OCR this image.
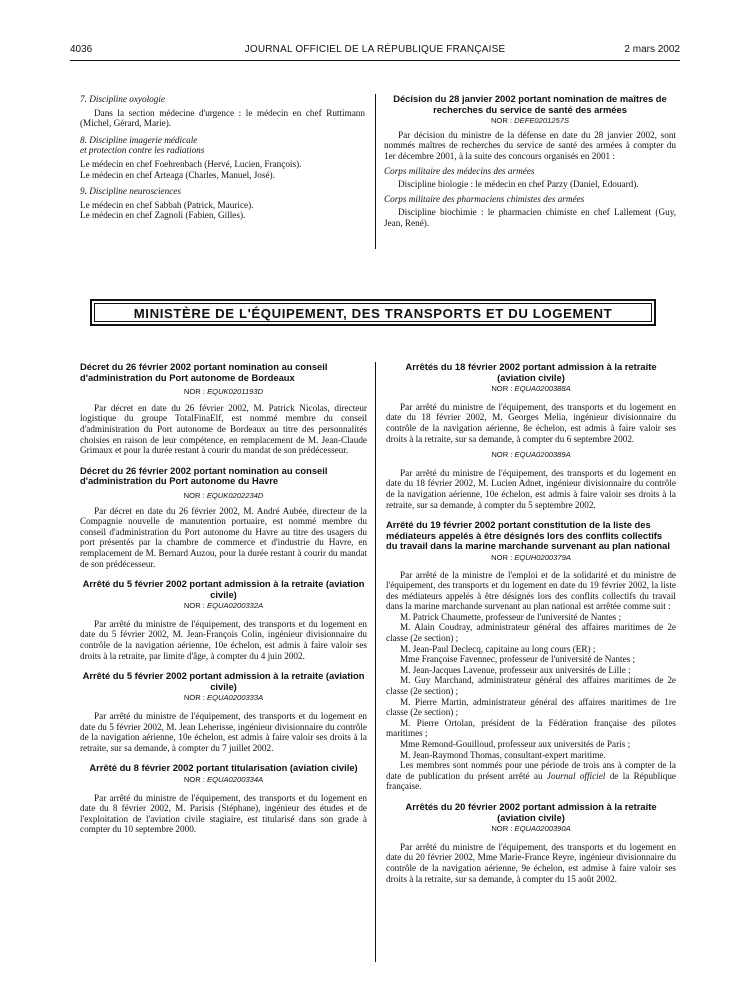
4036	JOURNAL OFFICIEL DE LA RÉPUBLIQUE FRANÇAISE	2 mars 2002

7. Discipline oxyologie

Dans la section médecine d'urgence : le médecin en chef Ruttimann (Michel, Gérard, Marie).

8. Discipline imagerie médicale

et protection contre les radiations

Le médecin en chef Foehrenbach (Hervé, Lucien, François).

Le médecin en chef Arteaga (Charles, Manuel, José).

9. Discipline neurosciences

Le médecin en chef Sabbah (Patrick, Maurice).

Le médecin en chef Zagnoli (Fabien, Gilles).

Décision du 28 janvier 2002 portant nomination de maîtres de recherches du service de santé des armées
NOR : DEFE0201257S

Par décision du ministre de la défense en date du 28 janvier 2002, sont nommés maîtres de recherches du service de santé des armées à compter du 1er décembre 2001, à la suite des concours organisés en 2001 :

Corps militaire des médecins des armées

Discipline biologie : le médecin en chef Parzy (Daniel, Edouard).

Corps militaire des pharmaciens chimistes des armées

Discipline biochimie : le pharmacien chimiste en chef Lallement (Guy, Jean, René).

MINISTÈRE DE L'ÉQUIPEMENT, DES TRANSPORTS ET DU LOGEMENT
Décret du 26 février 2002 portant nomination au conseil d'administration du Port autonome de Bordeaux
NOR : EQUK0201193D

Par décret en date du 26 février 2002, M. Patrick Nicolas, directeur logistique du groupe TotalFinaElf, est nommé membre du conseil d'administration du Port autonome de Bordeaux au titre des personnalités choisies en raison de leur compétence, en remplacement de M. Jean-Claude Grimaux et pour la durée restant à courir du mandat de son prédécesseur.

Décret du 26 février 2002 portant nomination au conseil d'administration du Port autonome du Havre
NOR : EQUK0202234D

Par décret en date du 26 février 2002, M. André Aubée, directeur de la Compagnie nouvelle de manutention portuaire, est nommé membre du conseil d'administration du Port autonome du Havre au titre des usagers du port présentés par la chambre de commerce et d'industrie du Havre, en remplacement de M. Bernard Auzou, pour la durée restant à courir du mandat de son prédécesseur.

Arrêté du 5 février 2002 portant admission à la retraite (aviation civile)
NOR : EQUA0200332A

Par arrêté du ministre de l'équipement, des transports et du logement en date du 5 février 2002, M. Jean-François Colin, ingénieur divisionnaire du contrôle de la navigation aérienne, 10e échelon, est admis à faire valoir ses droits à la retraite, par limite d'âge, à compter du 4 juin 2002.

Arrêté du 5 février 2002 portant admission à la retraite (aviation civile)
NOR : EQUA0200333A

Par arrêté du ministre de l'équipement, des transports et du logement en date du 5 février 2002, M. Jean Leherisse, ingénieur divisionnaire du contrôle de la navigation aérienne, 10e échelon, est admis à faire valoir ses droits à la retraite, sur sa demande, à compter du 7 juillet 2002.

Arrêté du 8 février 2002 portant titularisation (aviation civile)
NOR : EQUA0200334A

Par arrêté du ministre de l'équipement, des transports et du logement en date du 8 février 2002, M. Parisis (Stéphane), ingénieur des études et de l'exploitation de l'aviation civile stagiaire, est titularisé dans son grade à compter du 10 septembre 2000.

Arrêtés du 18 février 2002 portant admission à la retraite (aviation civile)
NOR : EQUA0200388A

Par arrêté du ministre de l'équipement, des transports et du logement en date du 18 février 2002, M. Georges Melia, ingénieur divisionnaire du contrôle de la navigation aérienne, 8e échelon, est admis à faire valoir ses droits à la retraite, sur sa demande, à compter du 6 septembre 2002.

NOR : EQUA0200389A

Par arrêté du ministre de l'équipement, des transports et du logement en date du 18 février 2002, M. Lucien Adnet, ingénieur divisionnaire du contrôle de la navigation aérienne, 10e échelon, est admis à faire valoir ses droits à la retraite, sur sa demande, à compter du 5 septembre 2002.

Arrêté du 19 février 2002 portant constitution de la liste des médiateurs appelés à être désignés lors des conflits collectifs du travail dans la marine marchande survenant au plan national
NOR : EQUH0200379A

Par arrêté de la ministre de l'emploi et de la solidarité et du ministre de l'équipement, des transports et du logement en date du 19 février 2002, la liste des médiateurs appelés à être désignés lors des conflits collectifs du travail dans la marine marchande survenant au plan national est arrêtée comme suit :

M. Patrick Chaumette, professeur de l'université de Nantes ;

M. Alain Coudray, administrateur général des affaires maritimes de 2e classe (2e section) ;

M. Jean-Paul Declecq, capitaine au long cours (ER) ;

Mme Françoise Favennec, professeur de l'université de Nantes ;

M. Jean-Jacques Lavenue, professeur aux universités de Lille ;

M. Guy Marchand, administrateur général des affaires maritimes de 2e classe (2e section) ;

M. Pierre Martin, administrateur général des affaires maritimes de 1re classe (2e section) ;

M. Pierre Ortolan, président de la Fédération française des pilotes maritimes ;

Mme Remond-Gouilloud, professeur aux universités de Paris ;

M. Jean-Raymond Thomas, consultant-expert maritime.

Les membres sont nommés pour une période de trois ans à compter de la date de publication du présent arrêté au Journal officiel de la République française.

Arrêtés du 20 février 2002 portant admission à la retraite (aviation civile)
NOR : EQUA0200390A

Par arrêté du ministre de l'équipement, des transports et du logement en date du 20 février 2002, Mme Marie-France Reyre, ingénieur divisionnaire du contrôle de la navigation aérienne, 9e échelon, est admise à faire valoir ses droits à la retraite, sur sa demande, à compter du 15 août 2002.
